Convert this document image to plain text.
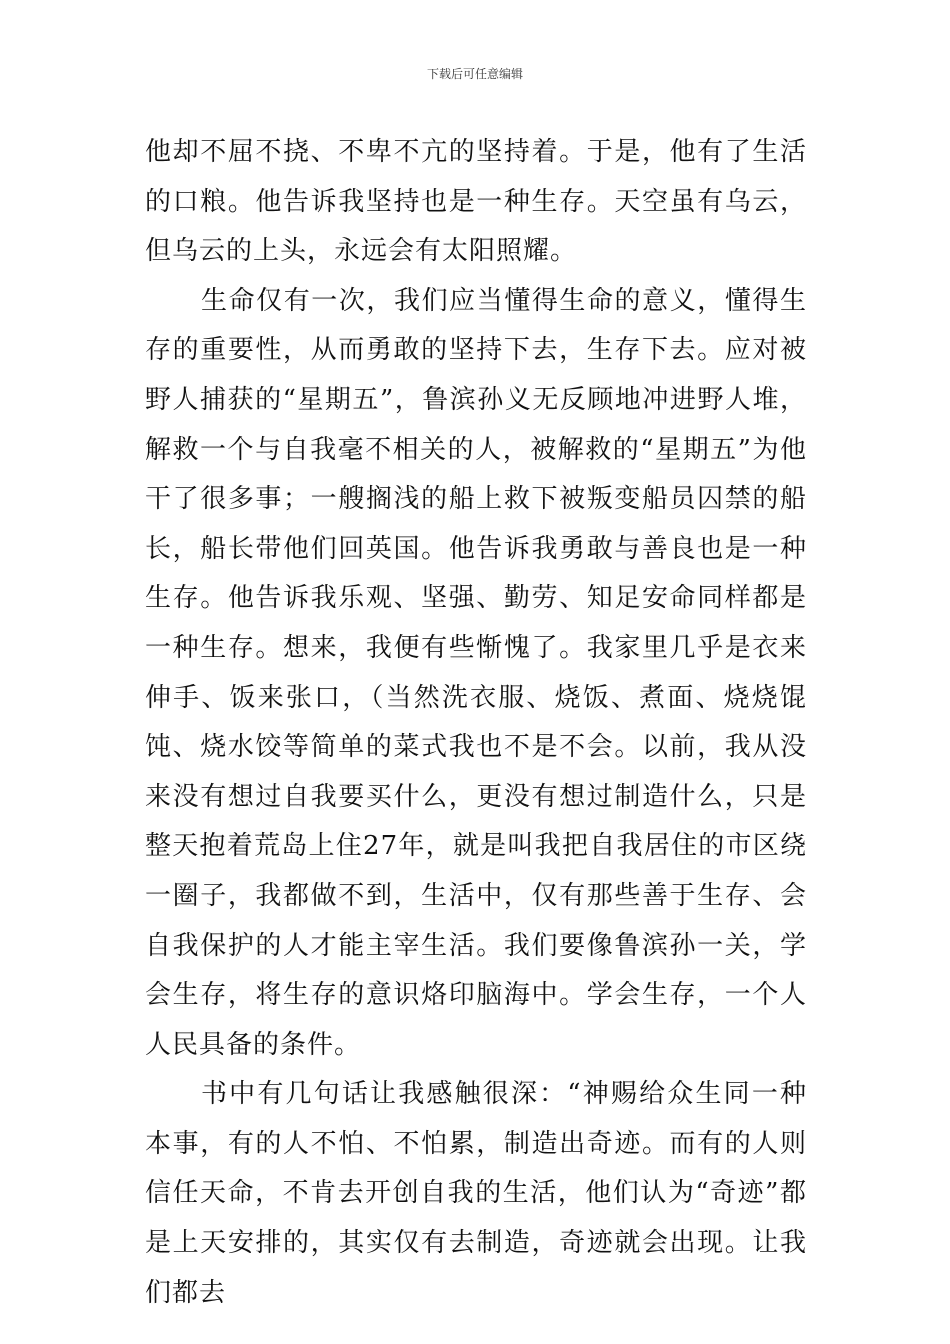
下载后可任意编辑

他却不屈不挠、不卑不亢的坚持着。于是，他有了生活的口粮。他告诉我坚持也是一种生存。天空虽有乌云，但乌云的上头，永远会有太阳照耀。

生命仅有一次，我们应当懂得生命的意义，懂得生存的重要性，从而勇敢的坚持下去，生存下去。应对被野人捕获的“星期五”，鲁滨孙义无反顾地冲进野人堆，解救一个与自我毫不相关的人，被解救的“星期五”为他干了很多事；一艘搁浅的船上救下被叛变船员囚禁的船长，船长带他们回英国。他告诉我勇敢与善良也是一种生存。他告诉我乐观、坚强、勤劳、知足安命同样都是一种生存。想来，我便有些惭愧了。我家里几乎是衣来伸手、饭来张口，（当然洗衣服、烧饭、煮面、烧烧馄饨、烧水饺等简单的菜式我也不是不会。以前，我从没来没有想过自我要买什么，更没有想过制造什么，只是整天抱着荒岛上住27年，就是叫我把自我居住的市区绕一圈子，我都做不到，生活中，仅有那些善于生存、会自我保护的人才能主宰生活。我们要像鲁滨孙一关，学会生存，将生存的意识烙印脑海中。学会生存，一个人人民具备的条件。

书中有几句话让我感触很深：“神赐给众生同一种本事，有的人不怕、不怕累，制造出奇迹。而有的人则信任天命，不肯去开创自我的生活，他们认为“奇迹”都是上天安排的，其实仅有去制造，奇迹就会出现。让我们都去
